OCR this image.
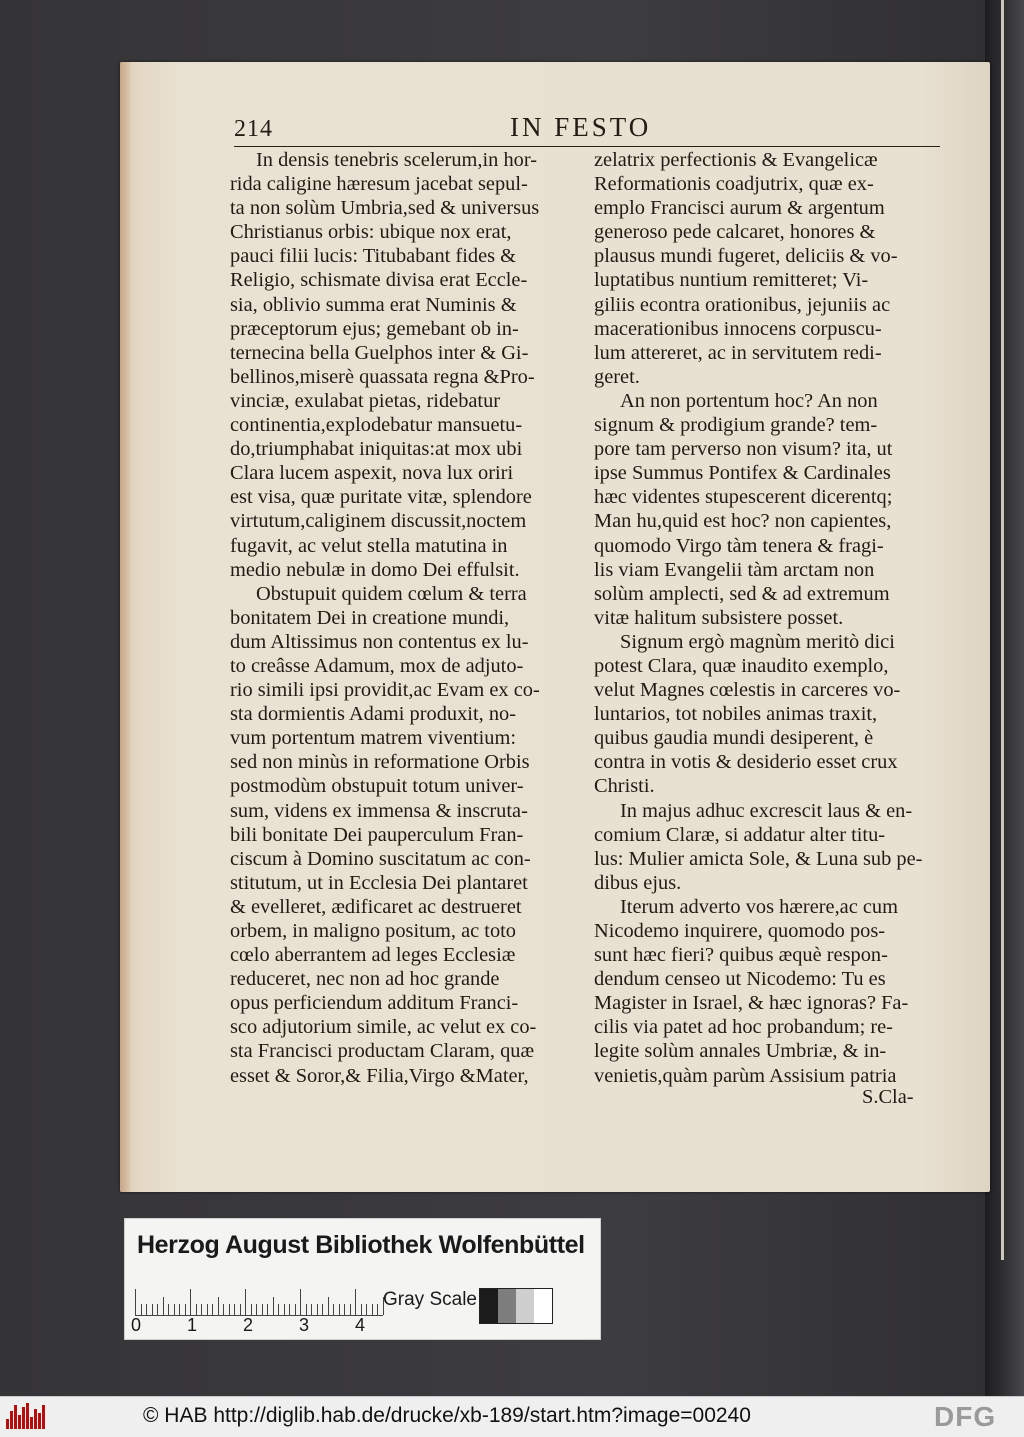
214	IN FESTO
In densis tenebris scelerum,in hor-
rida caligine hæresum jacebat sepul-
ta non solùm Umbria,sed & universus
Christianus orbis: ubique nox erat,
pauci filii lucis: Titubabant fides &
Religio, schismate divisa erat Eccle-
sia, oblivio summa erat Numinis &
præceptorum ejus; gemebant ob in-
ternecina bella Guelphos inter & Gi-
bellinos,miserè quassata regna &Pro-
vinciæ, exulabat pietas, ridebatur
continentia,explodebatur mansuetu-
do,triumphabat iniquitas:at mox ubi
Clara lucem aspexit, nova lux oriri
est visa, quæ puritate vitæ, splendore
virtutum,caliginem discussit,noctem
fugavit, ac velut stella matutina in
medio nebulæ in domo Dei effulsit.
Obstupuit quidem cœlum & terra
bonitatem Dei in creatione mundi,
dum Altissimus non contentus ex lu-
to creâsse Adamum, mox de adjuto-
rio simili ipsi providit,ac Evam ex co-
sta dormientis Adami produxit, no-
vum portentum matrem viventium:
sed non minùs in reformatione Orbis
postmodùm obstupuit totum univer-
sum, videns ex immensa & inscruta-
bili bonitate Dei pauperculum Fran-
ciscum à Domino suscitatum ac con-
stitutum, ut in Ecclesia Dei plantaret
& evelleret, ædificaret ac destrueret
orbem, in maligno positum, ac toto
cœlo aberrantem ad leges Ecclesiæ
reduceret, nec non ad hoc grande
opus perficiendum additum Franci-
sco adjutorium simile, ac velut ex co-
sta Francisci productam Claram, quæ
esset & Soror,& Filia,Virgo &Mater,
zelatrix perfectionis & Evangelicæ
Reformationis coadjutrix, quæ ex-
emplo Francisci aurum & argentum
generoso pede calcaret, honores &
plausus mundi fugeret, deliciis & vo-
luptatibus nuntium remitteret; Vi-
giliis econtra orationibus, jejuniis ac
macerationibus innocens corpuscu-
lum attereret, ac in servitutem redi-
geret.
An non portentum hoc? An non
signum & prodigium grande? tem-
pore tam perverso non visum? ita, ut
ipse Summus Pontifex & Cardinales
hæc videntes stupescerent dicerentq;
Man hu,quid est hoc? non capientes,
quomodo Virgo tàm tenera & fragi-
lis viam Evangelii tàm arctam non
solùm amplecti, sed & ad extremum
vitæ halitum subsistere posset.
Signum ergò magnùm meritò dici
potest Clara, quæ inaudito exemplo,
velut Magnes cœlestis in carceres vo-
luntarios, tot nobiles animas traxit,
quibus gaudia mundi desiperent, è
contra in votis & desiderio esset crux
Christi.
In majus adhuc excrescit laus & en-
comium Claræ, si addatur alter titu-
lus: Mulier amicta Sole, & Luna sub pe-
dibus ejus.
Iterum adverto vos hærere,ac cum
Nicodemo inquirere, quomodo pos-
sunt hæc fieri? quibus æquè respon-
dendum censeo ut Nicodemo: Tu es
Magister in Israel, & hæc ignoras? Fa-
cilis via patet ad hoc probandum; re-
legite solùm annales Umbriæ, & in-
venietis,quàm parùm Assisium patria
S.Cla-
Herzog August Bibliothek Wolfenbüttel
0	1	2	3	4
Gray Scale
© HAB http://diglib.hab.de/drucke/xb-189/start.htm?image=00240	DFG
